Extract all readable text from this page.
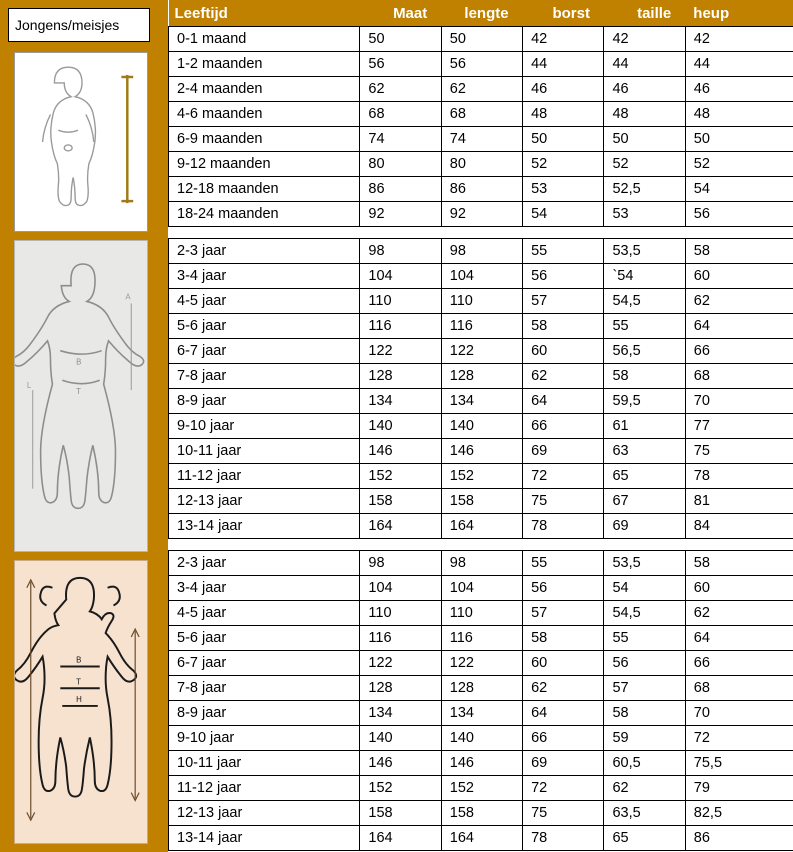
Jongens/meisjes
B
T
L
A
B
T
H
Leeftijd	Maat	lengte	borst	taille	heup
0-1 maand	50	50	42	42	42
1-2 maanden	56	56	44	44	44
2-4 maanden	62	62	46	46	46
4-6 maanden	68	68	48	48	48
6-9 maanden	74	74	50	50	50
9-12 maanden	80	80	52	52	52
12-18 maanden	86	86	53	52,5	54
18-24 maanden	92	92	54	53	56

2-3 jaar	98	98	55	53,5	58
3-4 jaar	104	104	56	`54	60
4-5 jaar	110	110	57	54,5	62
5-6 jaar	116	116	58	55	64
6-7 jaar	122	122	60	56,5	66
7-8 jaar	128	128	62	58	68
8-9 jaar	134	134	64	59,5	70
9-10 jaar	140	140	66	61	77
10-11 jaar	146	146	69	63	75
11-12 jaar	152	152	72	65	78
12-13 jaar	158	158	75	67	81
13-14 jaar	164	164	78	69	84

2-3 jaar	98	98	55	53,5	58
3-4 jaar	104	104	56	54	60
4-5 jaar	110	110	57	54,5	62
5-6 jaar	116	116	58	55	64
6-7 jaar	122	122	60	56	66
7-8 jaar	128	128	62	57	68
8-9 jaar	134	134	64	58	70
9-10 jaar	140	140	66	59	72
10-11 jaar	146	146	69	60,5	75,5
11-12 jaar	152	152	72	62	79
12-13 jaar	158	158	75	63,5	82,5
13-14 jaar	164	164	78	65	86
